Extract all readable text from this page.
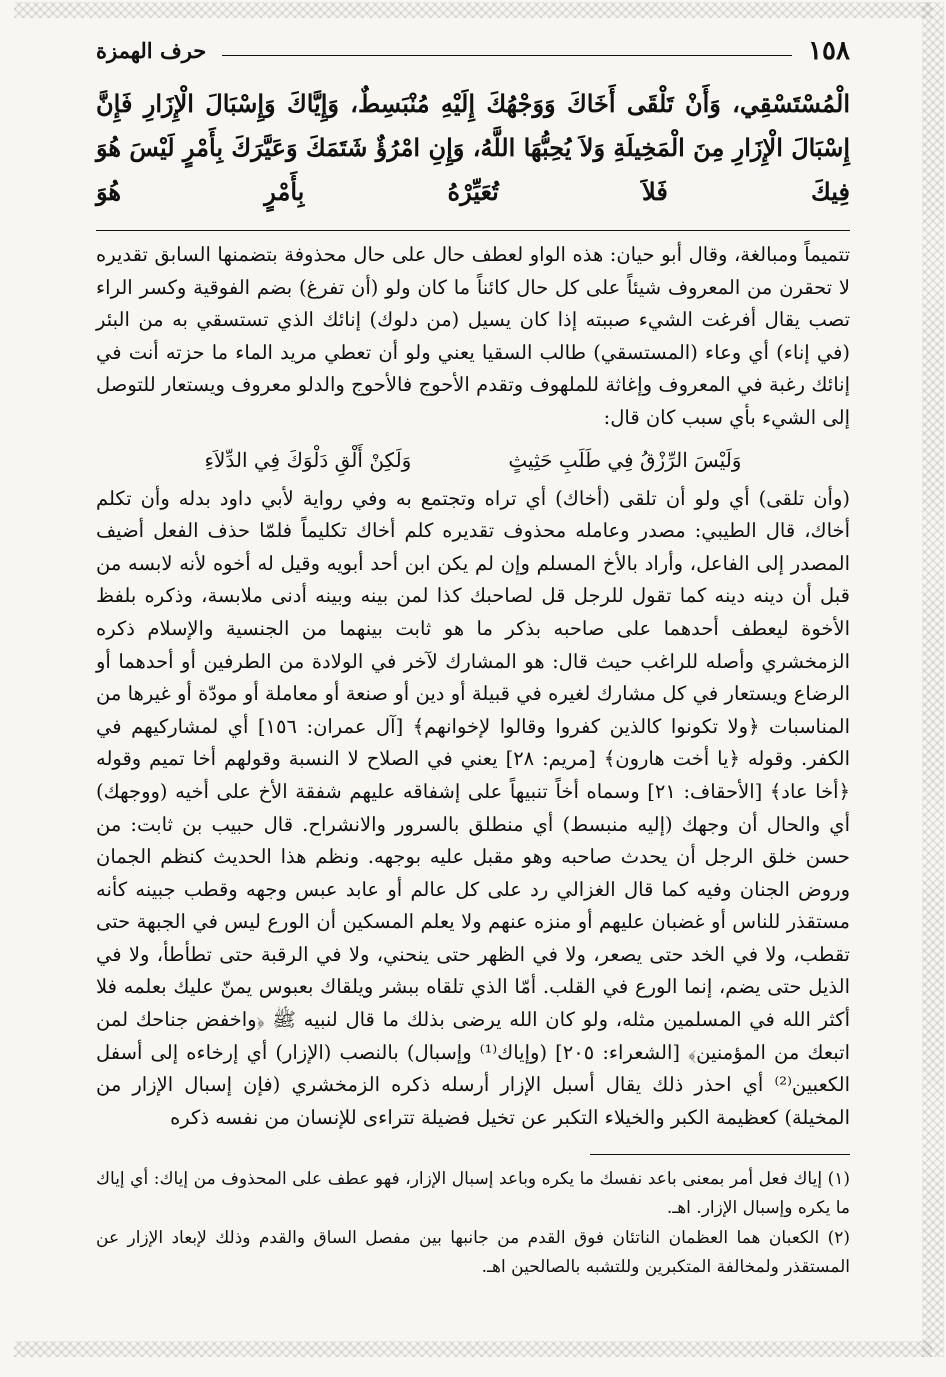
١٥٨
حرف الهمزة
الْمُسْتَسْقِي، وَأَنْ تَلْقَى أَخَاكَ وَوَجْهُكَ إِلَيْهِ مُنْبَسِطٌ، وَإِيَّاكَ وَإِسْبَالَ الْإِزَارِ فَإِنَّ إِسْبَالَ الْإِزَارِ مِنَ الْمَخِيلَةِ وَلاَ يُحِبُّهَا اللَّهُ، وَإِنِ امْرُؤٌ شَتَمَكَ وَعَيَّرَكَ بِأَمْرٍ لَيْسَ هُوَ فِيكَ فَلاَ تُعَيِّرْهُ بِأَمْرٍ هُوَ

تتميماً ومبالغة، وقال أبو حيان: هذه الواو لعطف حال على حال محذوفة بتضمنها السابق تقديره لا تحقرن من المعروف شيئاً على كل حال كائناً ما كان ولو (أن تفرغ) بضم الفوقية وكسر الراء تصب يقال أفرغت الشيء صببته إذا كان يسيل (من دلوك) إنائك الذي تستسقي به من البئر (في إناء) أي وعاء (المستسقي) طالب السقيا يعني ولو أن تعطي مريد الماء ما حزته أنت في إنائك رغبة في المعروف وإغاثة للملهوف وتقدم الأحوج فالأحوج والدلو معروف ويستعار للتوصل إلى الشيء بأي سبب كان قال:

وَلَيْسَ الرِّزْقُ فِي طَلَبِ حَثِيثٍ
وَلَكِنْ أَلْقِ دَلْوَكَ فِي الدِّلاَءِ

(وأن تلقى) أي ولو أن تلقى (أخاك) أي تراه وتجتمع به وفي رواية لأبي داود بدله وأن تكلم أخاك، قال الطيبي: مصدر وعامله محذوف تقديره كلم أخاك تكليماً فلمّا حذف الفعل أضيف المصدر إلى الفاعل، وأراد بالأخ المسلم وإن لم يكن ابن أحد أبويه وقيل له أخوه لأنه لابسه من قبل أن دينه دينه كما تقول للرجل قل لصاحبك كذا لمن بينه وبينه أدنى ملابسة، وذكره بلفظ الأخوة ليعطف أحدهما على صاحبه بذكر ما هو ثابت بينهما من الجنسية والإسلام ذكره الزمخشري وأصله للراغب حيث قال: هو المشارك لآخر في الولادة من الطرفين أو أحدهما أو الرضاع ويستعار في كل مشارك لغيره في قبيلة أو دين أو صنعة أو معاملة أو مودّة أو غيرها من المناسبات ﴿ولا تكونوا كالذين كفروا وقالوا لإخوانهم﴾ [آل عمران: ١٥٦] أي لمشاركيهم في الكفر. وقوله ﴿يا أخت هارون﴾ [مريم: ٢٨] يعني في الصلاح لا النسبة وقولهم أخا تميم وقوله ﴿أخا عاد﴾ [الأحقاف: ٢١] وسماه أخاً تنبيهاً على إشفاقه عليهم شفقة الأخ على أخيه (ووجهك) أي والحال أن وجهك (إليه منبسط) أي منطلق بالسرور والانشراح. قال حبيب بن ثابت: من حسن خلق الرجل أن يحدث صاحبه وهو مقبل عليه بوجهه. ونظم هذا الحديث كنظم الجمان وروض الجنان وفيه كما قال الغزالي رد على كل عالم أو عابد عبس وجهه وقطب جبينه كأنه مستقذر للناس أو غضبان عليهم أو منزه عنهم ولا يعلم المسكين أن الورع ليس في الجبهة حتى تقطب، ولا في الخد حتى يصعر، ولا في الظهر حتى ينحني، ولا في الرقبة حتى تطأطأ، ولا في الذيل حتى يضم، إنما الورع في القلب. أمّا الذي تلقاه ببشر ويلقاك بعبوس يمنّ عليك بعلمه فلا أكثر الله في المسلمين مثله، ولو كان الله يرضى بذلك ما قال لنبيه ﷺ ﴿واخفض جناحك لمن اتبعك من المؤمنين﴾ [الشعراء: ٢٠٥] (وإياك⁽¹⁾ وإسبال) بالنصب (الإزار) أي إرخاءه إلى أسفل الكعبين⁽²⁾ أي احذر ذلك يقال أسبل الإزار أرسله ذكره الزمخشري (فإن إسبال الإزار من المخيلة) كعظيمة الكبر والخيلاء التكبر عن تخيل فضيلة تتراءى للإنسان من نفسه ذكره

(١) إياك فعل أمر بمعنى باعد نفسك ما يكره وباعد إسبال الإزار، فهو عطف على المحذوف من إياك: أي إياك ما يكره وإسبال الإزار. اهـ.

(٢) الكعبان هما العظمان الناتئان فوق القدم من جانبها بين مفصل الساق والقدم وذلك لإبعاد الإزار عن المستقذر ولمخالفة المتكبرين وللتشبه بالصالحين اهـ.
